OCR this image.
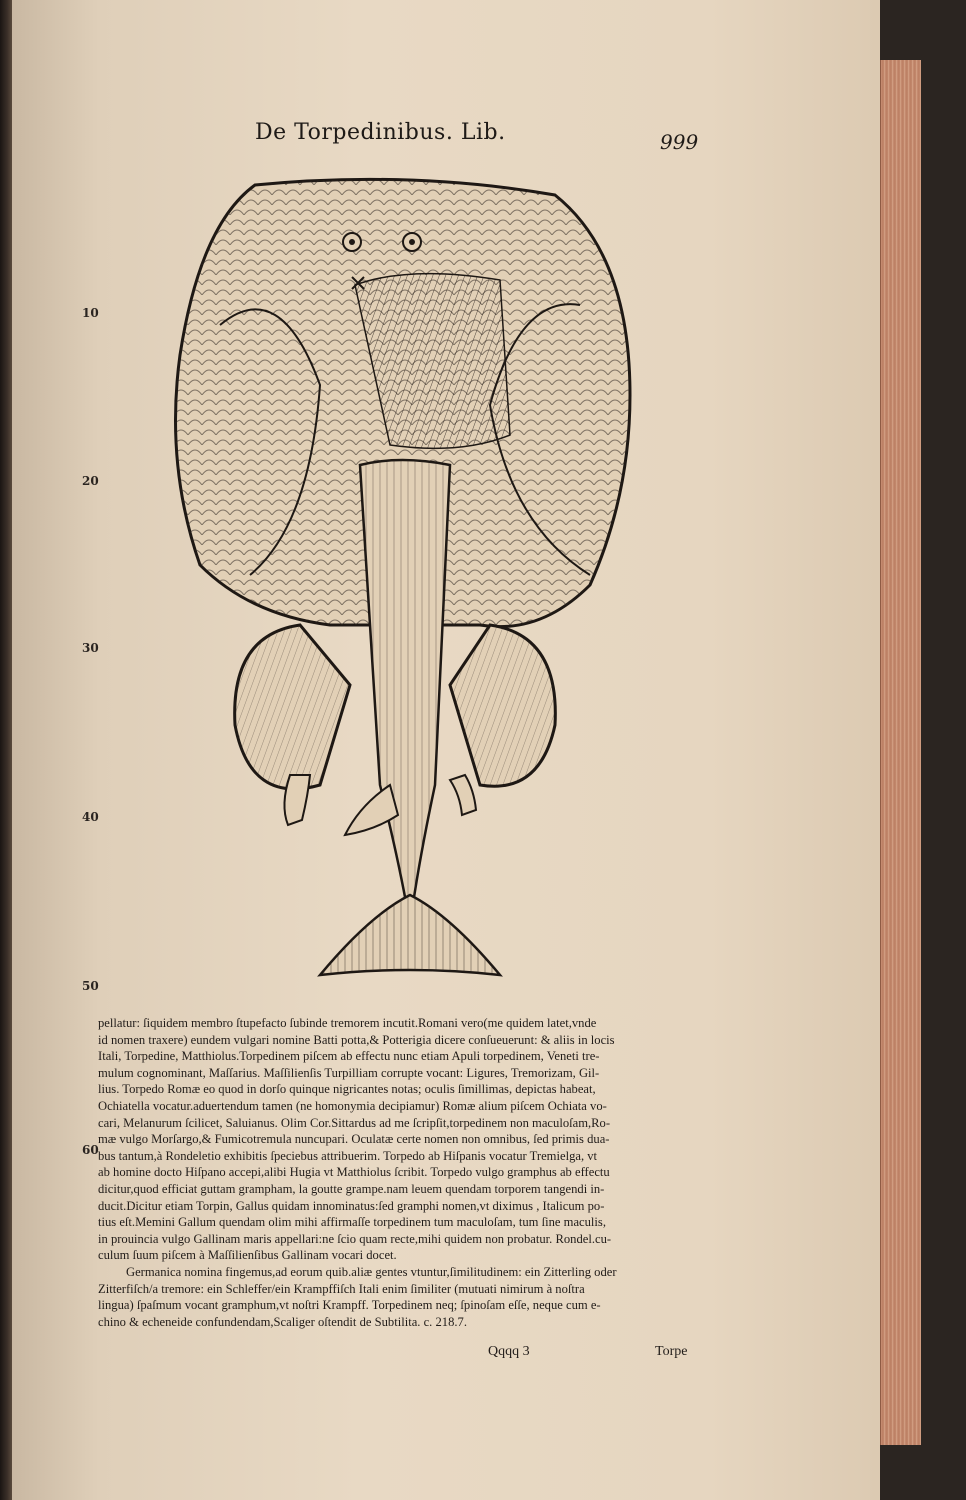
De Torpedinibus. Lib.	999
10
20
30
40
50
60

pellatur: ſiquidem membro ſtupefacto ſubinde tremorem incutit.Romani vero(me quidem latet,vnde

id nomen traxere) eundem vulgari nomine Batti potta,& Potterigia dicere conſueuerunt: & aliis in locis

Itali, Torpedine, Matthiolus.Torpedinem piſcem ab effectu nunc etiam Apuli torpedinem, Veneti tre-

mulum cognominant, Maſſarius. Maſſilienſis Turpilliam corrupte vocant: Ligures, Tremorizam, Gil-

lius. Torpedo Romæ eo quod in dorſo quinque nigricantes notas; oculis ſimillimas, depictas habeat,

Ochiatella vocatur.aduertendum tamen (ne homonymia decipiamur) Romæ alium piſcem Ochiata vo-

cari, Melanurum ſcilicet, Saluianus. Olim Cor.Sittardus ad me ſcripſit,torpedinem non maculoſam,Ro-

mæ vulgo Morſargo,& Fumicotremula nuncupari. Oculatæ certe nomen non omnibus, ſed primis dua-

bus tantum,à Rondeletio exhibitis ſpeciebus attribuerim. Torpedo ab Hiſpanis vocatur Tremielga, vt

ab homine docto Hiſpano accepi,alibi Hugia vt Matthiolus ſcribit. Torpedo vulgo gramphus ab effectu

dicitur,quod efficiat guttam grampham, la goutte grampe.nam leuem quendam torporem tangendi in-

ducit.Dicitur etiam Torpin, Gallus quidam innominatus:ſed gramphi nomen,vt diximus , Italicum po-

tius eſt.Memini Gallum quendam olim mihi affirmaſſe torpedinem tum maculoſam, tum ſine maculis,

in prouincia vulgo Gallinam maris appellari:ne ſcio quam recte,mihi quidem non probatur. Rondel.cu-

culum ſuum piſcem à Maſſilienſibus Gallinam vocari docet.

Germanica nomina fingemus,ad eorum quib.aliæ gentes vtuntur,ſimilitudinem: ein Zitterling oder

Zitterfiſch/a tremore: ein Schleffer/ein Krampffiſch Itali enim ſimiliter (mutuati nimirum à noſtra

lingua) ſpaſmum vocant gramphum,vt noſtri Krampff. Torpedinem neq; ſpinoſam eſſe, neque cum e-

chino & echeneide confundendam,Scaliger oſtendit de Subtilita. c. 218.7.

Qqqq 3	Torpe
